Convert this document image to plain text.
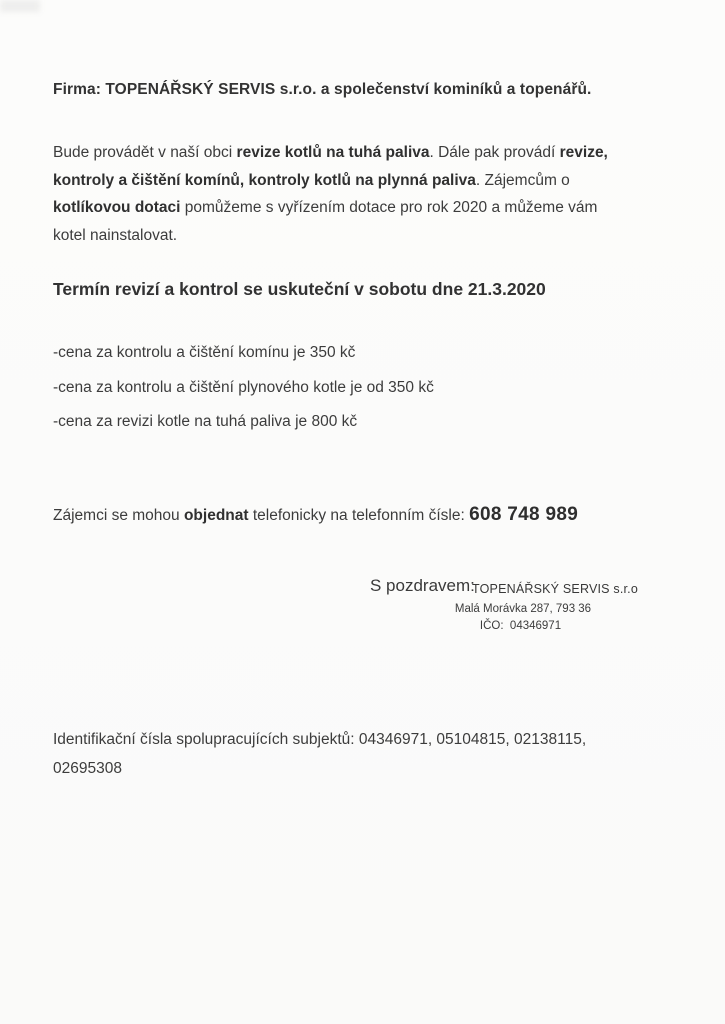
Firma: TOPENÁŘSKÝ SERVIS s.r.o. a společenství kominíků a topenářů.
Bude provádět v naší obci revize kotlů na tuhá paliva. Dále pak provádí revize, kontroly a čištění komínů, kontroly kotlů na plynná paliva. Zájemcům o kotlíkovou dotaci pomůžeme s vyřízením dotace pro rok 2020 a můžeme vám kotel nainstalovat.
Termín revizí a kontrol se uskuteční v sobotu dne 21.3.2020
-cena za kontrolu a čištění komínu je 350 kč
-cena za kontrolu a čištění plynového kotle je od 350 kč
-cena za revizi kotle na tuhá paliva je 800 kč
Zájemci se mohou objednat telefonicky na telefonním čísle: 608 748 989
S pozdravem:
TOPENÁŘSKÝ SERVIS s.r.o
Malá Morávka 287, 793 36
IČO:  04346971
Identifikační čísla spolupracujících subjektů: 04346971, 05104815, 02138115, 02695308
